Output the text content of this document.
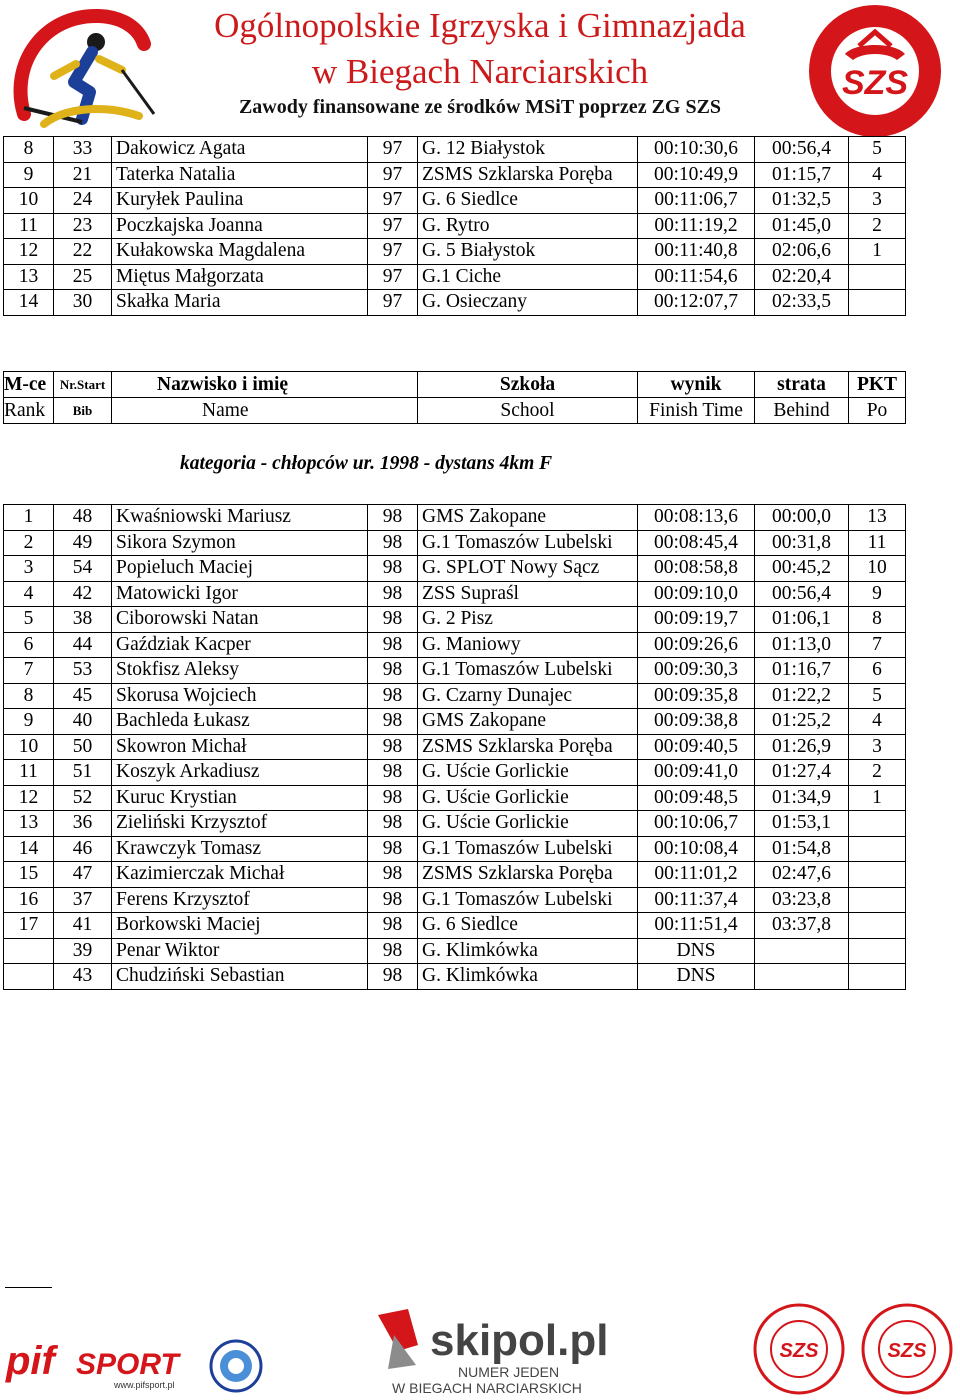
Ogólnopolskie Igrzyska i Gimnazjada
w Biegach Narciarskich
Zawody finansowane ze środków MSiT poprzez ZG SZS
SZS
8	33	Dakowicz Agata	97	G. 12 Białystok	00:10:30,6	00:56,4	5
9	21	Taterka Natalia	97	ZSMS Szklarska Poręba	00:10:49,9	01:15,7	4
10	24	Kuryłek Paulina	97	G. 6 Siedlce	00:11:06,7	01:32,5	3
11	23	Poczkajska Joanna	97	G. Rytro	00:11:19,2	01:45,0	2
12	22	Kułakowska Magdalena	97	G. 5 Białystok	00:11:40,8	02:06,6	1
13	25	Miętus Małgorzata	97	G.1 Ciche	00:11:54,6	02:20,4	
14	30	Skałka Maria	97	G. Osieczany	00:12:07,7	02:33,5	
M-ce	Nr.Start	Nazwisko i imię	Szkoła	wynik	strata	PKT
Rank	Bib	Name	School	Finish Time	Behind	Po
kategoria - chłopców ur. 1998 - dystans 4km F
1	48	Kwaśniowski Mariusz	98	GMS Zakopane	00:08:13,6	00:00,0	13
2	49	Sikora Szymon	98	G.1 Tomaszów Lubelski	00:08:45,4	00:31,8	11
3	54	Popieluch Maciej	98	G. SPLOT Nowy Sącz	00:08:58,8	00:45,2	10
4	42	Matowicki Igor	98	ZSS Supraśl	00:09:10,0	00:56,4	9
5	38	Ciborowski Natan	98	G. 2 Pisz	00:09:19,7	01:06,1	8
6	44	Gaździak Kacper	98	G. Maniowy	00:09:26,6	01:13,0	7
7	53	Stokfisz Aleksy	98	G.1 Tomaszów Lubelski	00:09:30,3	01:16,7	6
8	45	Skorusa Wojciech	98	G. Czarny Dunajec	00:09:35,8	01:22,2	5
9	40	Bachleda Łukasz	98	GMS Zakopane	00:09:38,8	01:25,2	4
10	50	Skowron Michał	98	ZSMS Szklarska Poręba	00:09:40,5	01:26,9	3
11	51	Koszyk Arkadiusz	98	G. Uście Gorlickie	00:09:41,0	01:27,4	2
12	52	Kuruc Krystian	98	G. Uście Gorlickie	00:09:48,5	01:34,9	1
13	36	Zieliński Krzysztof	98	G. Uście Gorlickie	00:10:06,7	01:53,1	
14	46	Krawczyk Tomasz	98	G.1 Tomaszów Lubelski	00:10:08,4	01:54,8	
15	47	Kazimierczak Michał	98	ZSMS Szklarska Poręba	00:11:01,2	02:47,6	
16	37	Ferens Krzysztof	98	G.1 Tomaszów Lubelski	00:11:37,4	03:23,8	
17	41	Borkowski Maciej	98	G. 6 Siedlce	00:11:51,4	03:37,8	
	39	Penar Wiktor	98	G. Klimkówka	DNS		
	43	Chudziński Sebastian	98	G. Klimkówka	DNS		
pif SPORT
www.pifsport.pl
skipol.pl
NUMER JEDEN
W BIEGACH NARCIARSKICH
SZS	SZS
